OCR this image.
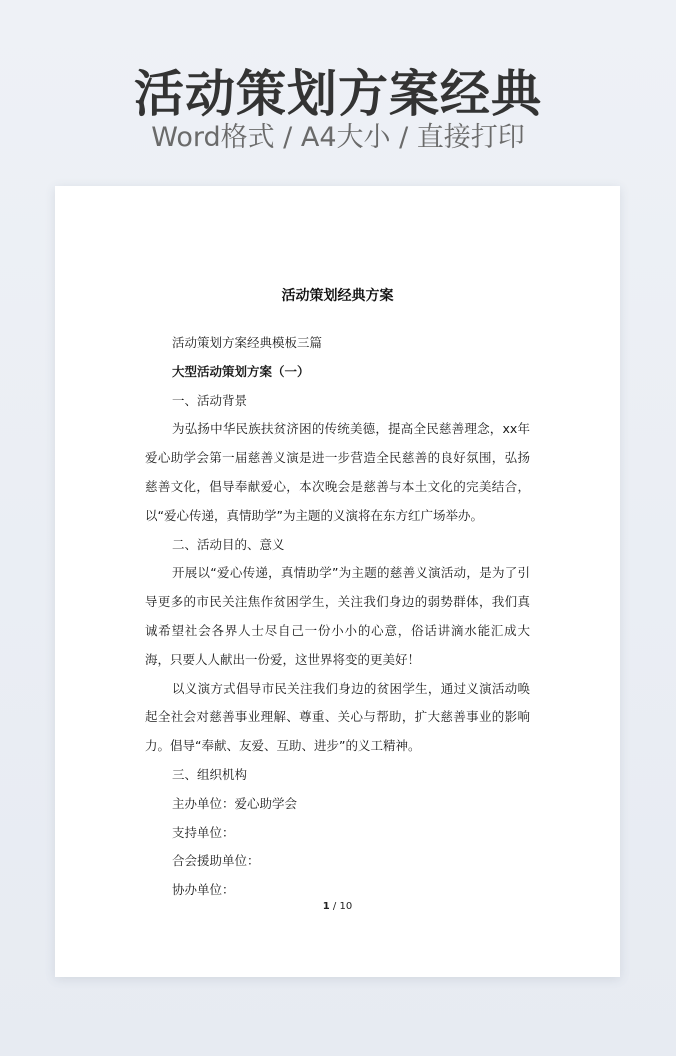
活动策划方案经典
Word格式 / A4大小 / 直接打印
活动策划经典方案

活动策划方案经典模板三篇

大型活动策划方案（一）

一、活动背景

为弘扬中华民族扶贫济困的传统美德，提高全民慈善理念，xx年爱心助学会第一届慈善义演是进一步营造全民慈善的良好氛围，弘扬慈善文化，倡导奉献爱心，本次晚会是慈善与本土文化的完美结合，以“爱心传递，真情助学”为主题的义演将在东方红广场举办。

二、活动目的、意义

开展以“爱心传递，真情助学”为主题的慈善义演活动，是为了引导更多的市民关注焦作贫困学生，关注我们身边的弱势群体，我们真诚希望社会各界人士尽自己一份小小的心意，俗话讲滴水能汇成大海，只要人人献出一份爱，这世界将变的更美好！

以义演方式倡导市民关注我们身边的贫困学生，通过义演活动唤起全社会对慈善事业理解、尊重、关心与帮助，扩大慈善事业的影响力。倡导“奉献、友爱、互助、进步”的义工精神。

三、组织机构

主办单位：爱心助学会

支持单位：

合会援助单位：

协办单位：

1 / 10
